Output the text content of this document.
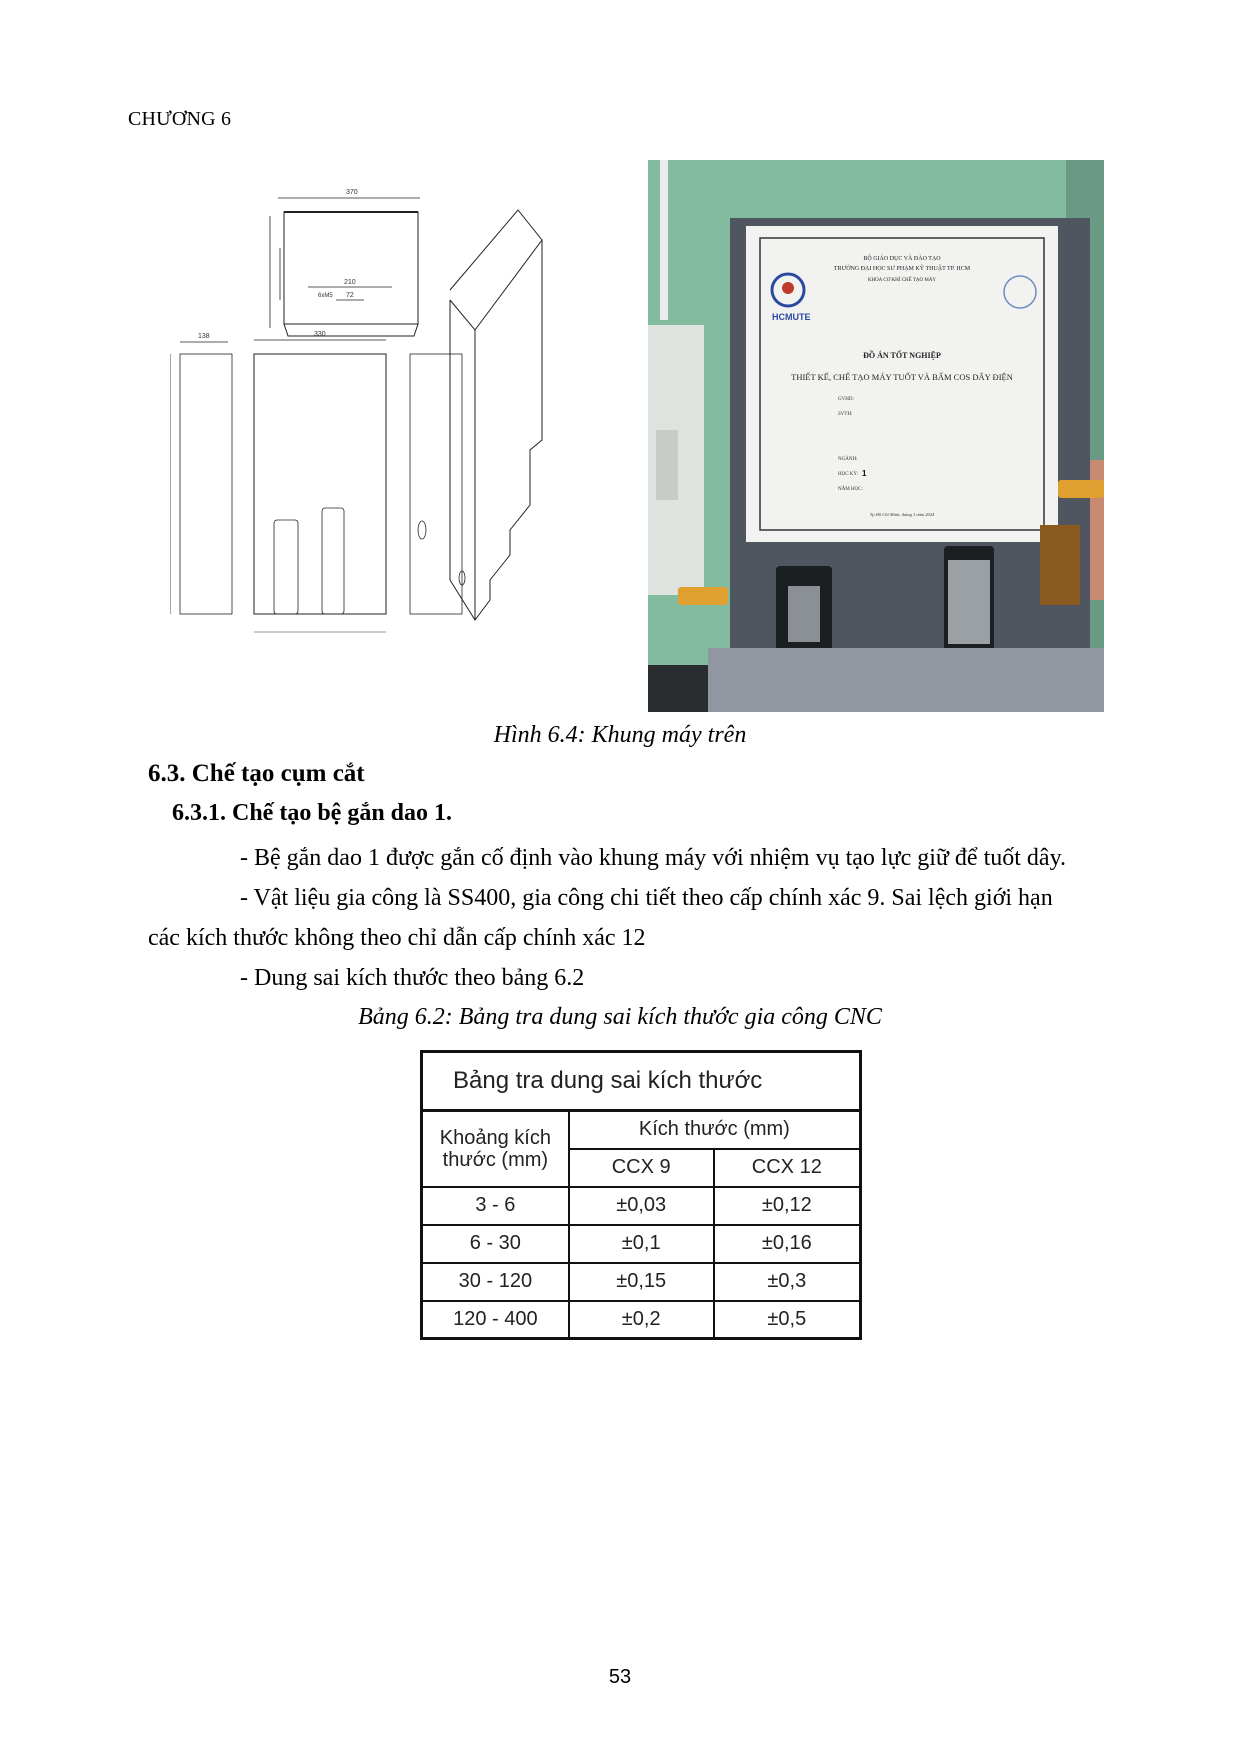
CHƯƠNG 6
370
210
72
6xM5
138	330
HCMUTE
BỘ GIÁO DỤC VÀ ĐÀO TẠO
TRƯỜNG ĐẠI HỌC SƯ PHẠM KỸ THUẬT TP. HCM
KHOA CƠ KHÍ CHẾ TẠO MÁY
ĐỒ ÁN TỐT NGHIỆP
THIẾT KẾ, CHẾ TẠO MÁY TUỐT VÀ BẤM COS DÂY ĐIỆN
GVHD:
SVTH:
NGÀNH:
HỌC KỲ: 1
NĂM HỌC:
Tp Hồ Chí Minh, tháng 1 năm 2024
Hình 6.4: Khung máy trên
6.3. Chế tạo cụm cắt
6.3.1. Chế tạo bệ gắn dao 1.
- Bệ gắn dao 1 được gắn cố định vào khung máy với nhiệm vụ tạo lực giữ để tuốt dây.
- Vật liệu gia công là SS400, gia công chi tiết theo cấp chính xác 9. Sai lệch giới hạn
các kích thước không theo chỉ dẫn cấp chính xác 12
- Dung sai kích thước theo bảng 6.2
Bảng 6.2: Bảng tra dung sai kích thước gia công CNC
Bảng tra dung sai kích thước		
Khoảng kích thước (mm)	Kích thước (mm)	
	CCX 9	CCX 12
3 - 6	±0,03	±0,12
6 - 30	±0,1	±0,16
30 - 120	±0,15	±0,3
120 - 400	±0,2	±0,5
53
